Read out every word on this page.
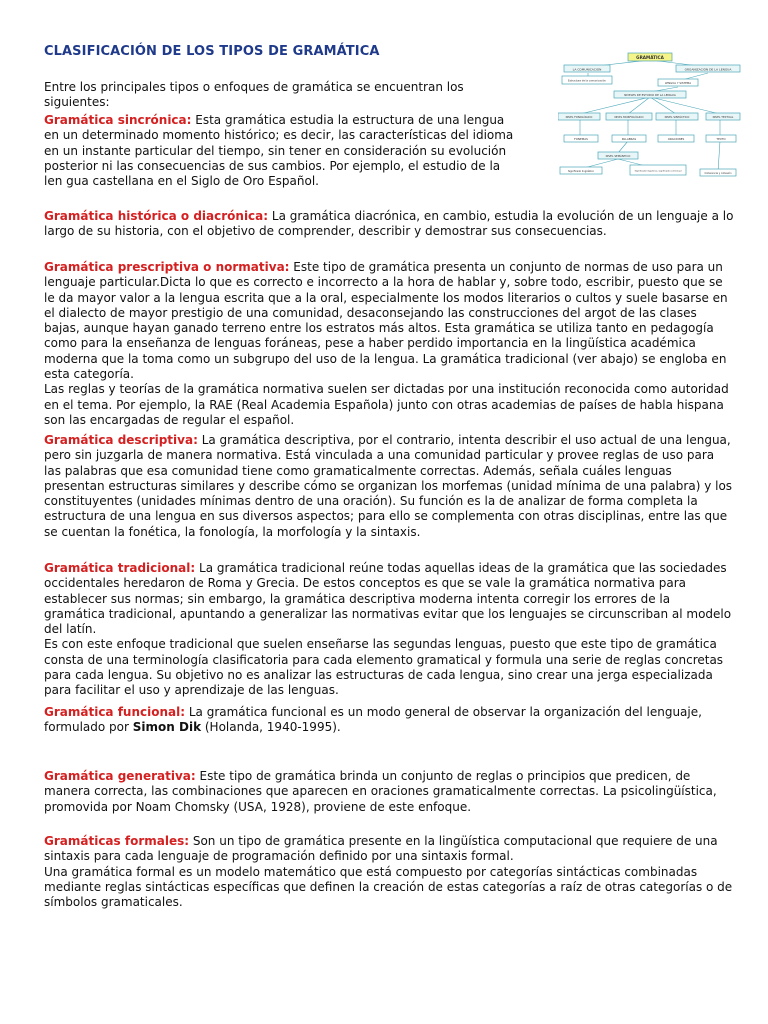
CLASIFICACIÓN DE LOS TIPOS DE GRAMÁTICA
Entre los principales tipos o enfoques de gramática se encuentran los siguientes:
GRAMÁTICA
LA COMUNICACIÓN	ORGANIZACIÓN DE LA LENGUA
Estructura de la comunicación	LENGUA Y SISTEMA
NIVELES DE ESTUDIO DE LA LENGUA
NIVEL FONOLÓGICO	NIVEL MORFOLÓGICO	NIVEL SINTÁCTICO	NIVEL TEXTUAL
FONEMAS	PALABRAS	ORACIONES	TEXTO
NIVEL SEMÁNTICO
Significado lingüístico	Significado lingüístico, significado contextual
Coherencia y cohesión

Gramática sincrónica: Esta gramática estudia la estructura de una lengua en un determinado momento histórico; es decir, las características del idioma en un instante particular del tiempo, sin tener en consideración su evolución posterior ni las consecuencias de sus cambios. Por ejemplo, el estudio de la len gua castellana en el Siglo de Oro Español.

Gramática histórica o diacrónica: La gramática diacrónica, en cambio, estudia la evolución de un lenguaje a lo largo de su historia, con el objetivo de comprender, describir y demostrar sus consecuencias.

Gramática prescriptiva o normativa: Este tipo de gramática presenta un conjunto de normas de uso para un lenguaje particular.Dicta lo que es correcto e incorrecto a la hora de hablar y, sobre todo, escribir, puesto que se le da mayor valor a la lengua escrita que a la oral, especialmente los modos literarios o cultos y suele basarse en el dialecto de mayor prestigio de una comunidad, desaconsejando las construcciones del argot de las clases bajas, aunque hayan ganado terreno entre los estratos más altos. Esta gramática se utiliza tanto en pedagogía como para la enseñanza de lenguas foráneas, pese a haber perdido importancia en la lingüística académica moderna que la toma como un subgrupo del uso de la lengua. La gramática tradicional (ver abajo) se engloba en esta categoría.

Las reglas y teorías de la gramática normativa suelen ser dictadas por una institución reconocida como autoridad en el tema. Por ejemplo, la RAE (Real Academia Española) junto con otras academias de países de habla hispana son las encargadas de regular el español.

Gramática descriptiva: La gramática descriptiva, por el contrario, intenta describir el uso actual de una lengua, pero sin juzgarla de manera normativa. Está vinculada a una comunidad particular y provee reglas de uso para las palabras que esa comunidad tiene como gramaticalmente correctas. Además, señala cuáles lenguas presentan estructuras similares y describe cómo se organizan los morfemas (unidad mínima de una palabra) y los constituyentes (unidades mínimas dentro de una oración). Su función es la de analizar de forma completa la estructura de una lengua en sus diversos aspectos; para ello se complementa con otras disciplinas, entre las que se cuentan la fonética, la fonología, la morfología y la sintaxis.

Gramática tradicional: La gramática tradicional reúne todas aquellas ideas de la gramática que las sociedades occidentales heredaron de Roma y Grecia. De estos conceptos es que se vale la gramática normativa para establecer sus normas; sin embargo, la gramática descriptiva moderna intenta corregir los errores de la gramática tradicional, apuntando a generalizar las normativas evitar que los lenguajes se circunscriban al modelo del latín.

Es con este enfoque tradicional que suelen enseñarse las segundas lenguas, puesto que este tipo de gramática consta de una terminología clasificatoria para cada elemento gramatical y formula una serie de reglas concretas para cada lengua. Su objetivo no es analizar las estructuras de cada lengua, sino crear una jerga especializada para facilitar el uso y aprendizaje de las lenguas.

Gramática funcional: La gramática funcional es un modo general de observar la organización del lenguaje, formulado por Simon Dik (Holanda, 1940-1995).

Gramática generativa: Este tipo de gramática brinda un conjunto de reglas o principios que predicen, de manera correcta, las combinaciones que aparecen en oraciones gramaticalmente correctas. La psicolingüística, promovida por Noam Chomsky (USA, 1928), proviene de este enfoque.

Gramáticas formales: Son un tipo de gramática presente en la lingüística computacional que requiere de una sintaxis para cada lenguaje de programación definido por una sintaxis formal.

Una gramática formal es un modelo matemático que está compuesto por categorías sintácticas combinadas mediante reglas sintácticas específicas que definen la creación de estas categorías a raíz de otras categorías o de símbolos gramaticales.
